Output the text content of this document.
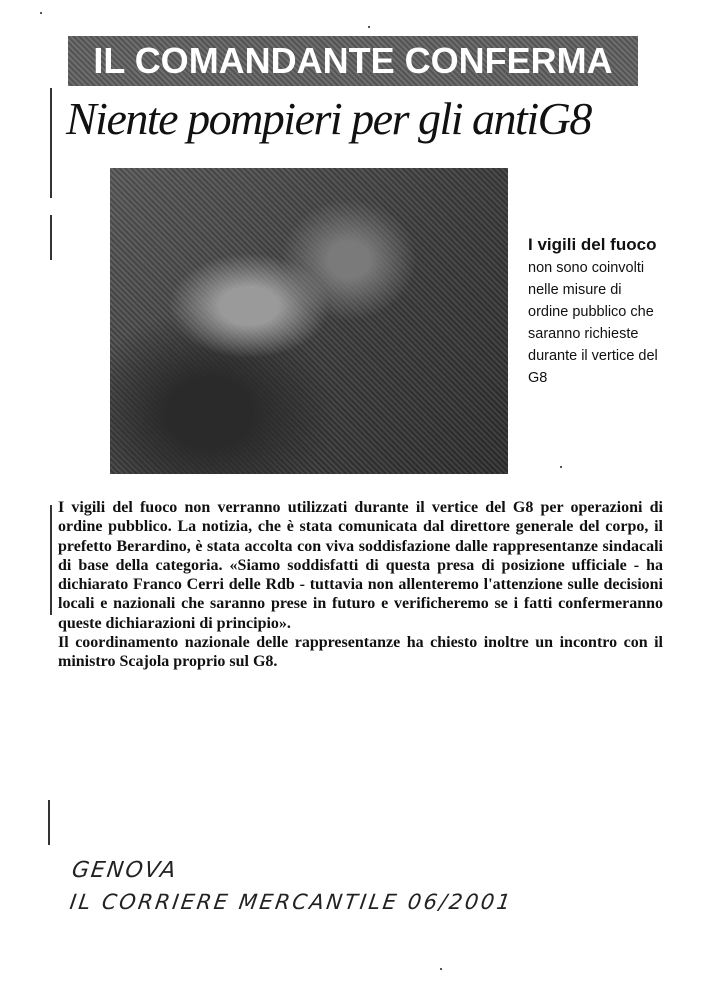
IL COMANDANTE CONFERMA
Niente pompieri per gli antiG8
I vigili del fuoco non sono coinvolti nelle misure di ordine pubblico che saranno richieste durante il vertice del G8

I vigili del fuoco non verranno utilizzati durante il vertice del G8 per operazioni di ordine pubblico. La notizia, che è stata comunicata dal direttore generale del corpo, il prefetto Berardino, è stata accolta con viva soddisfazione dalle rappresentanze sindacali di base della categoria. «Siamo soddisfatti di questa presa di posizione ufficiale - ha dichiarato Franco Cerri delle Rdb - tuttavia non allenteremo l'attenzione sulle decisioni locali e nazionali che saranno prese in futuro e verificheremo se i fatti confermeranno queste dichiarazioni di principio».

Il coordinamento nazionale delle rappresentanze ha chiesto inoltre un incontro con il ministro Scajola proprio sul G8.

GENOVA
IL CORRIERE MERCANTILE 06/2001
